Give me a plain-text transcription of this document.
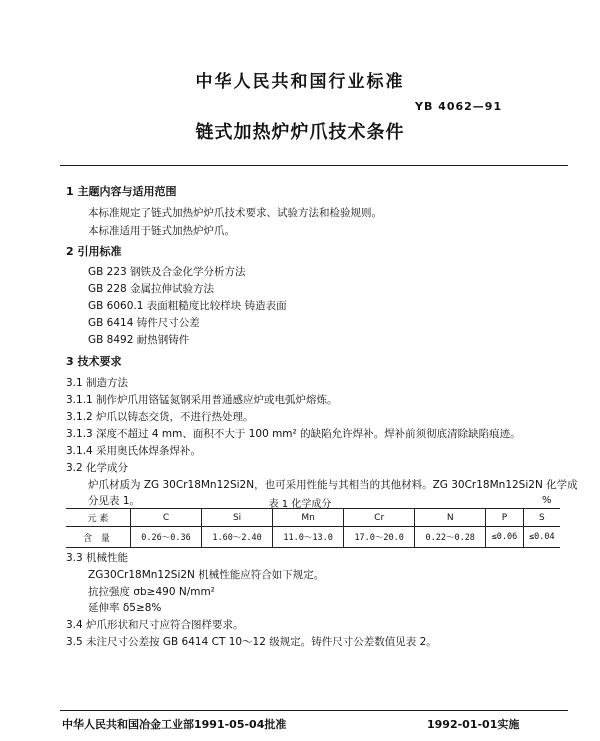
中华人民共和国行业标准
YB 4062—91
链式加热炉炉爪技术条件
1 主题内容与适用范围
本标准规定了链式加热炉炉爪技术要求、试验方法和检验规则。
本标准适用于链式加热炉炉爪。
2 引用标准
GB 223 钢铁及合金化学分析方法
GB 228 金属拉伸试验方法
GB 6060.1 表面粗糙度比较样块 铸造表面
GB 6414 铸件尺寸公差
GB 8492 耐热钢铸件
3 技术要求
3.1 制造方法
3.1.1 制作炉爪用铬锰氮钢采用普通感应炉或电弧炉熔炼。
3.1.2 炉爪以铸态交货，不进行热处理。
3.1.3 深度不超过 4 mm、面积不大于 100 mm² 的缺陷允许焊补。焊补前须彻底清除缺陷痕迹。
3.1.4 采用奥氏体焊条焊补。
3.2 化学成分
炉爪材质为 ZG 30Cr18Mn12Si2N，也可采用性能与其相当的其他材料。ZG 30Cr18Mn12Si2N 化学成
分见表 1。	表 1 化学成分	%
元 素	C	Si	Mn	Cr	N	P	S
含 量	0.26～0.36	1.60～2.40	11.0～13.0	17.0～20.0	0.22～0.28	≤0.06	≤0.04
3.3 机械性能
ZG30Cr18Mn12Si2N 机械性能应符合如下规定。
抗拉强度 σb≥490 N/mm²
延伸率 δ5≥8%
3.4 炉爪形状和尺寸应符合图样要求。
3.5 未注尺寸公差按 GB 6414 CT 10～12 级规定。铸件尺寸公差数值见表 2。
中华人民共和国冶金工业部1991-05-04批准	1992-01-01实施
